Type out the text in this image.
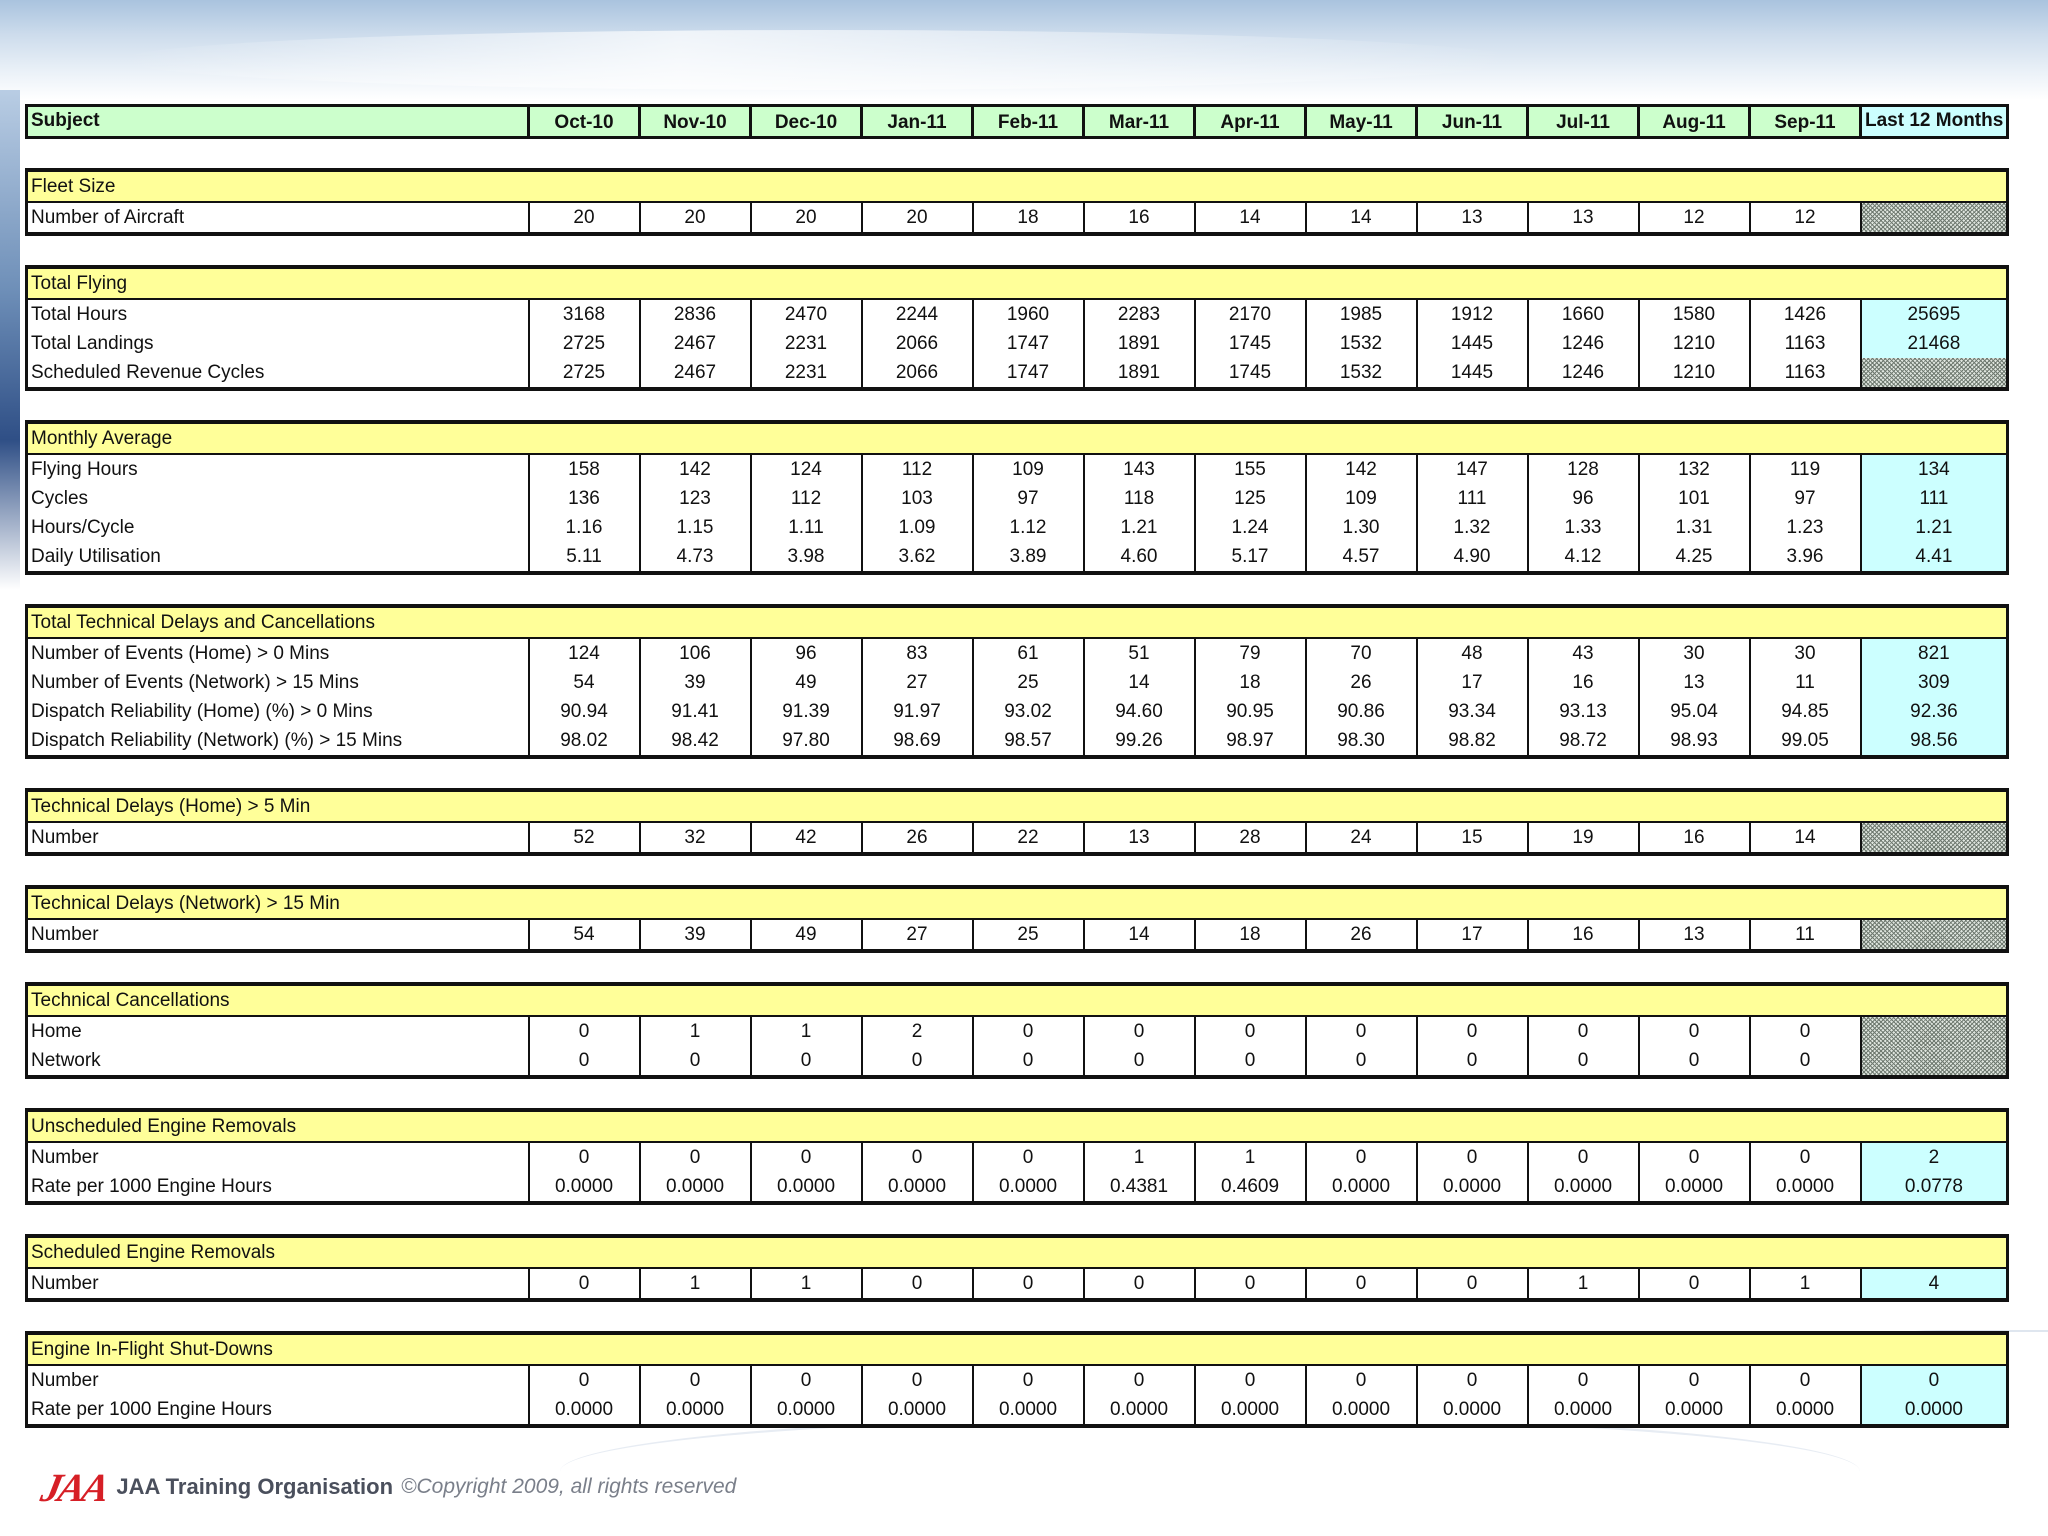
Subject	Oct-10	Nov-10	Dec-10	Jan-11	Feb-11	Mar-11	Apr-11	May-11	Jun-11	Jul-11	Aug-11	Sep-11	Last 12 Months

Fleet Size													
Number of Aircraft	20	20	20	20	18	16	14	14	13	13	12	12	

Total Flying													
Total Hours	3168	2836	2470	2244	1960	2283	2170	1985	1912	1660	1580	1426	25695
Total Landings	2725	2467	2231	2066	1747	1891	1745	1532	1445	1246	1210	1163	21468
Scheduled Revenue Cycles	2725	2467	2231	2066	1747	1891	1745	1532	1445	1246	1210	1163	

Monthly Average													
Flying Hours	158	142	124	112	109	143	155	142	147	128	132	119	134
Cycles	136	123	112	103	97	118	125	109	111	96	101	97	111
Hours/Cycle	1.16	1.15	1.11	1.09	1.12	1.21	1.24	1.30	1.32	1.33	1.31	1.23	1.21
Daily Utilisation	5.11	4.73	3.98	3.62	3.89	4.60	5.17	4.57	4.90	4.12	4.25	3.96	4.41

Total Technical Delays and Cancellations													
Number of Events (Home) > 0 Mins	124	106	96	83	61	51	79	70	48	43	30	30	821
Number of Events (Network) > 15 Mins	54	39	49	27	25	14	18	26	17	16	13	11	309
Dispatch Reliability (Home) (%) > 0 Mins	90.94	91.41	91.39	91.97	93.02	94.60	90.95	90.86	93.34	93.13	95.04	94.85	92.36
Dispatch Reliability (Network) (%) > 15 Mins	98.02	98.42	97.80	98.69	98.57	99.26	98.97	98.30	98.82	98.72	98.93	99.05	98.56

Technical Delays (Home) > 5 Min													
Number	52	32	42	26	22	13	28	24	15	19	16	14	

Technical Delays (Network) > 15 Min													
Number	54	39	49	27	25	14	18	26	17	16	13	11	

Technical Cancellations													
Home	0	1	1	2	0	0	0	0	0	0	0	0	
Network	0	0	0	0	0	0	0	0	0	0	0	0	

Unscheduled Engine Removals													
Number	0	0	0	0	0	1	1	0	0	0	0	0	2
Rate per 1000 Engine Hours	0.0000	0.0000	0.0000	0.0000	0.0000	0.4381	0.4609	0.0000	0.0000	0.0000	0.0000	0.0000	0.0778

Scheduled Engine Removals													
Number	0	1	1	0	0	0	0	0	0	1	0	1	4

Engine In-Flight Shut-Downs													
Number	0	0	0	0	0	0	0	0	0	0	0	0	0
Rate per 1000 Engine Hours	0.0000	0.0000	0.0000	0.0000	0.0000	0.0000	0.0000	0.0000	0.0000	0.0000	0.0000	0.0000	0.0000
JAA JAA Training Organisation ©Copyright 2009, all rights reserved
